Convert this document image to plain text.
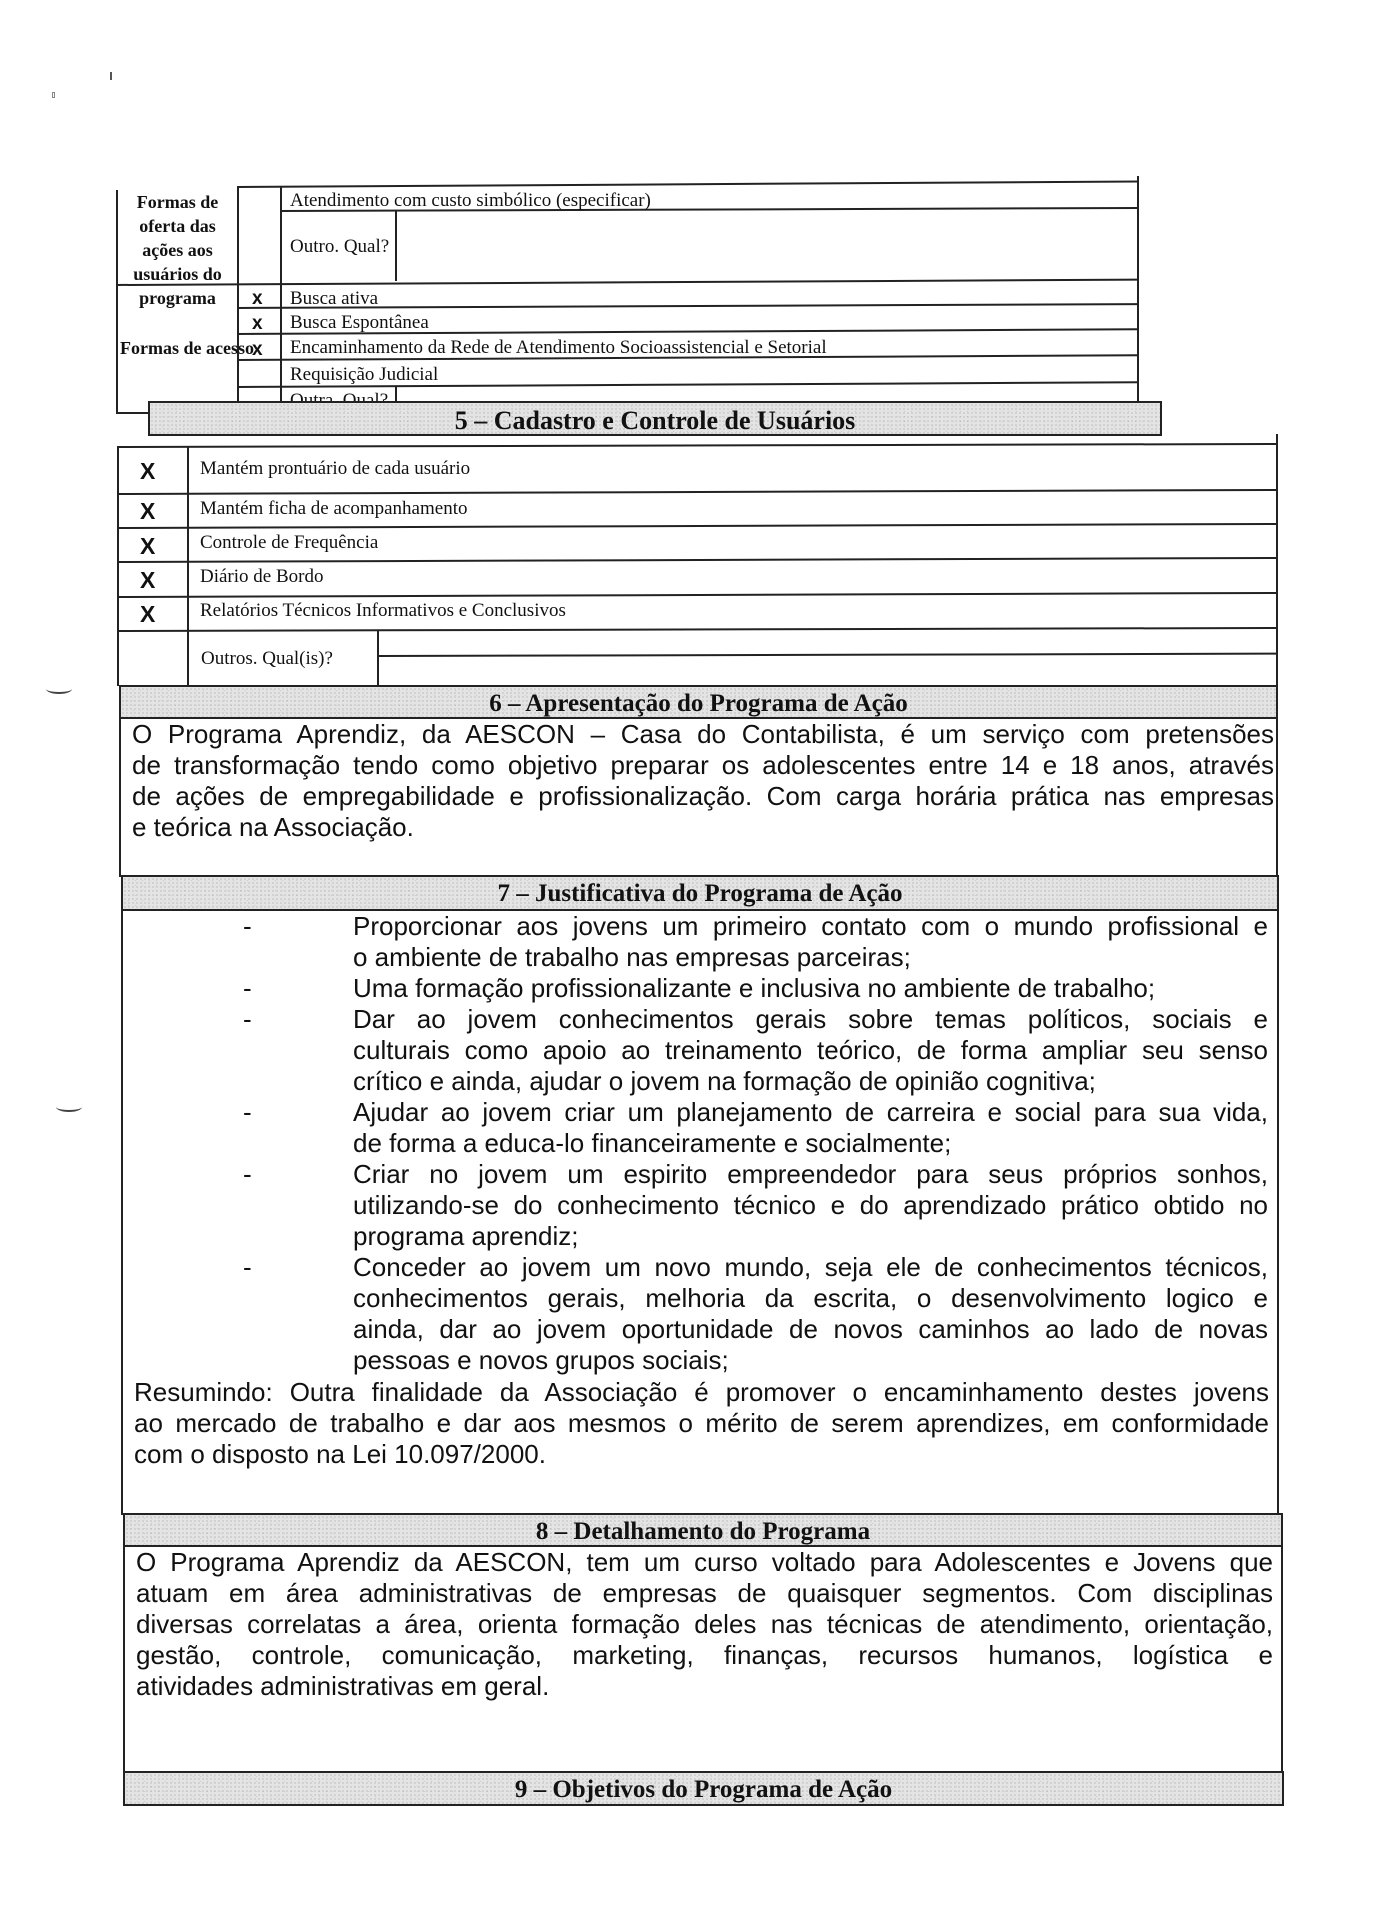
Formas de oferta das ações aos usuários do programa
Atendimento com custo simbólico (especificar)
Outro. Qual?
Formas de acesso
x Busca ativa
x Busca Espontânea
x Encaminhamento da Rede de Atendimento Socioassistencial e Setorial
Requisição Judicial
5 – Cadastro e Controle de Usuários
X Mantém prontuário de cada usuário
X Mantém ficha de acompanhamento
X Controle de Frequência
X Diário de Bordo
X Relatórios Técnicos Informativos e Conclusivos
Outros. Qual(is)?
6 – Apresentação do Programa de Ação
O Programa Aprendiz, da AESCON – Casa do Contabilista, é um serviço com pretensões
de transformação tendo como objetivo preparar os adolescentes entre 14 e 18 anos, através
de ações de empregabilidade e profissionalização. Com carga horária prática nas empresas
e teórica na Associação.
7 – Justificativa do Programa de Ação
-	Proporcionar aos jovens um primeiro contato com o mundo profissional e
o ambiente de trabalho nas empresas parceiras;
-	Uma formação profissionalizante e inclusiva no ambiente de trabalho;
-	Dar ao jovem conhecimentos gerais sobre temas políticos, sociais e
culturais como apoio ao treinamento teórico, de forma ampliar seu senso
crítico e ainda, ajudar o jovem na formação de opinião cognitiva;
-	Ajudar ao jovem criar um planejamento de carreira e social para sua vida,
de forma a educa-lo financeiramente e socialmente;
-	Criar no jovem um espirito empreendedor para seus próprios sonhos,
utilizando-se do conhecimento técnico e do aprendizado prático obtido no
programa aprendiz;
-	Conceder ao jovem um novo mundo, seja ele de conhecimentos técnicos,
conhecimentos gerais, melhoria da escrita, o desenvolvimento logico e
ainda, dar ao jovem oportunidade de novos caminhos ao lado de novas
pessoas e novos grupos sociais;
Resumindo: Outra finalidade da Associação é promover o encaminhamento destes jovens
ao mercado de trabalho e dar aos mesmos o mérito de serem aprendizes, em conformidade
com o disposto na Lei 10.097/2000.
8 – Detalhamento do Programa
O Programa Aprendiz da AESCON, tem um curso voltado para Adolescentes e Jovens que
atuam em área administrativas de empresas de quaisquer segmentos. Com disciplinas
diversas correlatas a área, orienta formação deles nas técnicas de atendimento, orientação,
gestão, controle, comunicação, marketing, finanças, recursos humanos, logística e
atividades administrativas em geral.
9 – Objetivos do Programa de Ação
